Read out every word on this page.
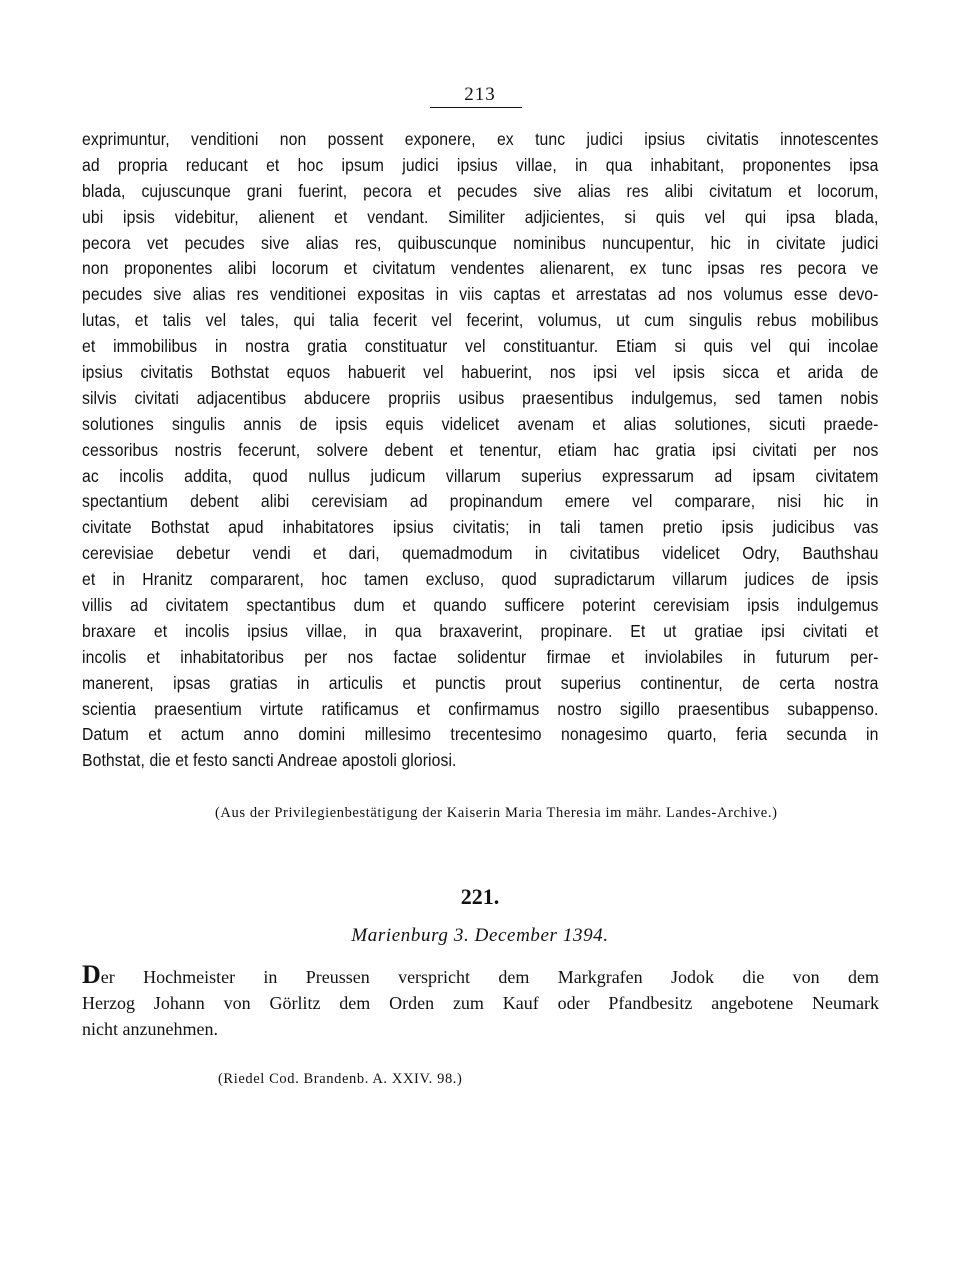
213
exprimuntur, venditioni non possent exponere, ex tunc judici ipsius civitatis innotescentes
ad propria reducant et hoc ipsum judici ipsius villae, in qua inhabitant, proponentes ipsa
blada, cujuscunque grani fuerint, pecora et pecudes sive alias res alibi civitatum et locorum,
ubi ipsis videbitur, alienent et vendant. Similiter adjicientes, si quis vel qui ipsa blada,
pecora vet pecudes sive alias res, quibuscunque nominibus nuncupentur, hic in civitate judici
non proponentes alibi locorum et civitatum vendentes alienarent, ex tunc ipsas res pecora ve
pecudes sive alias res venditionei expositas in viis captas et arrestatas ad nos volumus esse devo-
lutas, et talis vel tales, qui talia fecerit vel fecerint, volumus, ut cum singulis rebus mobilibus
et immobilibus in nostra gratia constituatur vel constituantur. Etiam si quis vel qui incolae
ipsius civitatis Bothstat equos habuerit vel habuerint, nos ipsi vel ipsis sicca et arida de
silvis civitati adjacentibus abducere propriis usibus praesentibus indulgemus, sed tamen nobis
solutiones singulis annis de ipsis equis videlicet avenam et alias solutiones, sicuti praede-
cessoribus nostris fecerunt, solvere debent et tenentur, etiam hac gratia ipsi civitati per nos
ac incolis addita, quod nullus judicum villarum superius expressarum ad ipsam civitatem
spectantium debent alibi cerevisiam ad propinandum emere vel comparare, nisi hic in
civitate Bothstat apud inhabitatores ipsius civitatis; in tali tamen pretio ipsis judicibus vas
cerevisiae debetur vendi et dari, quemadmodum in civitatibus videlicet Odry, Bauthshau
et in Hranitz compararent, hoc tamen excluso, quod supradictarum villarum judices de ipsis
villis ad civitatem spectantibus dum et quando sufficere poterint cerevisiam ipsis indulgemus
braxare et incolis ipsius villae, in qua braxaverint, propinare. Et ut gratiae ipsi civitati et
incolis et inhabitatoribus per nos factae solidentur firmae et inviolabiles in futurum per-
manerent, ipsas gratias in articulis et punctis prout superius continentur, de certa nostra
scientia praesentium virtute ratificamus et confirmamus nostro sigillo praesentibus subappenso.
Datum et actum anno domini millesimo trecentesimo nonagesimo quarto, feria secunda in
Bothstat, die et festo sancti Andreae apostoli gloriosi.
(Aus der Privilegienbestätigung der Kaiserin Maria Theresia im mähr. Landes-Archive.)
221.
Marienburg 3. December 1394.
Der Hochmeister in Preussen verspricht dem Markgrafen Jodok die von dem
Herzog Johann von Görlitz dem Orden zum Kauf oder Pfandbesitz angebotene Neumark
nicht anzunehmen.
(Riedel Cod. Brandenb. A. XXIV. 98.)
